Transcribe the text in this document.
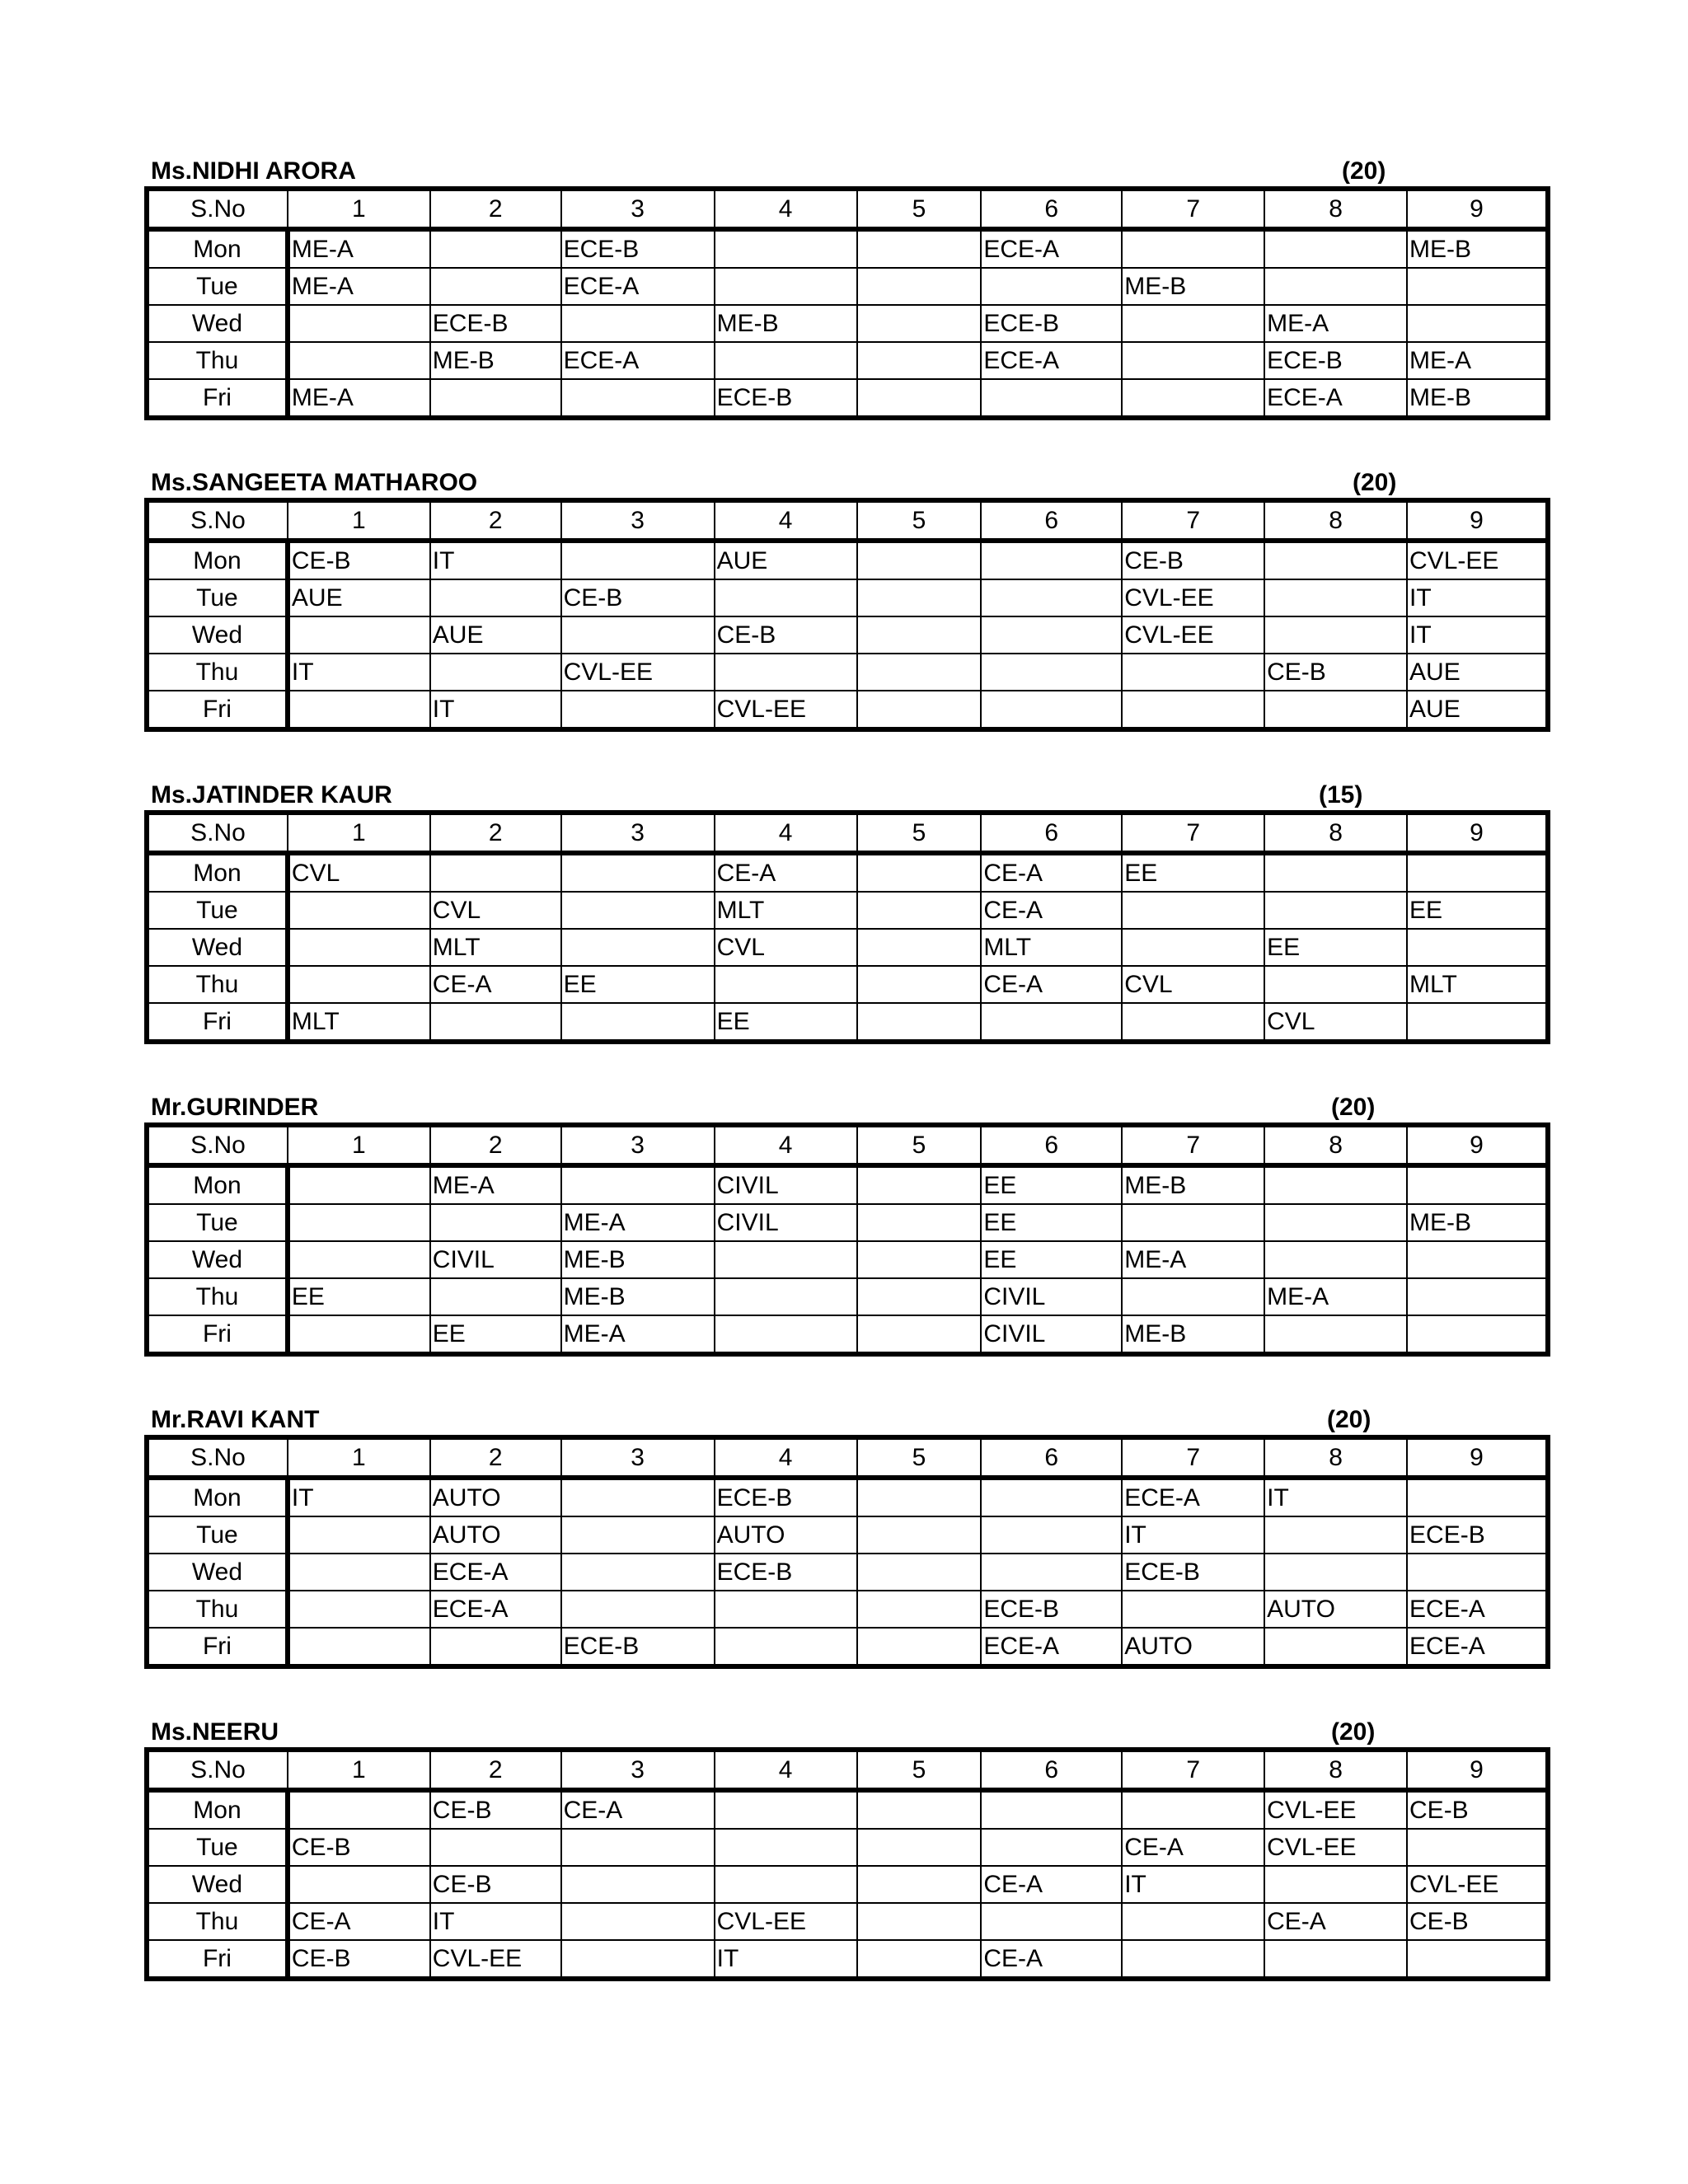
Ms.NIDHI ARORA	(20)
S.No	1	2	3	4	5	6	7	8	9
Mon	ME-A		ECE-B			ECE-A			ME-B
Tue	ME-A		ECE-A				ME-B		
Wed		ECE-B		ME-B		ECE-B		ME-A	
Thu		ME-B	ECE-A			ECE-A		ECE-B	ME-A
Fri	ME-A			ECE-B				ECE-A	ME-B
Ms.SANGEETA MATHAROO	(20)
S.No	1	2	3	4	5	6	7	8	9
Mon	CE-B	IT		AUE			CE-B		CVL-EE
Tue	AUE		CE-B				CVL-EE		IT
Wed		AUE		CE-B			CVL-EE		IT
Thu	IT		CVL-EE					CE-B	AUE
Fri		IT		CVL-EE					AUE
Ms.JATINDER KAUR	(15)
S.No	1	2	3	4	5	6	7	8	9
Mon	CVL			CE-A		CE-A	EE		
Tue		CVL		MLT		CE-A			EE
Wed		MLT		CVL		MLT		EE	
Thu		CE-A	EE			CE-A	CVL		MLT
Fri	MLT			EE				CVL	
Mr.GURINDER	(20)
S.No	1	2	3	4	5	6	7	8	9
Mon		ME-A		CIVIL		EE	ME-B		
Tue			ME-A	CIVIL		EE			ME-B
Wed		CIVIL	ME-B			EE	ME-A		
Thu	EE		ME-B			CIVIL		ME-A	
Fri		EE	ME-A			CIVIL	ME-B		
Mr.RAVI KANT	(20)
S.No	1	2	3	4	5	6	7	8	9
Mon	IT	AUTO		ECE-B			ECE-A	IT	
Tue		AUTO		AUTO			IT		ECE-B
Wed		ECE-A		ECE-B			ECE-B		
Thu		ECE-A				ECE-B		AUTO	ECE-A
Fri			ECE-B			ECE-A	AUTO		ECE-A
Ms.NEERU	(20)
S.No	1	2	3	4	5	6	7	8	9
Mon		CE-B	CE-A					CVL-EE	CE-B
Tue	CE-B						CE-A	CVL-EE	
Wed		CE-B				CE-A	IT		CVL-EE
Thu	CE-A	IT		CVL-EE				CE-A	CE-B
Fri	CE-B	CVL-EE		IT		CE-A			
